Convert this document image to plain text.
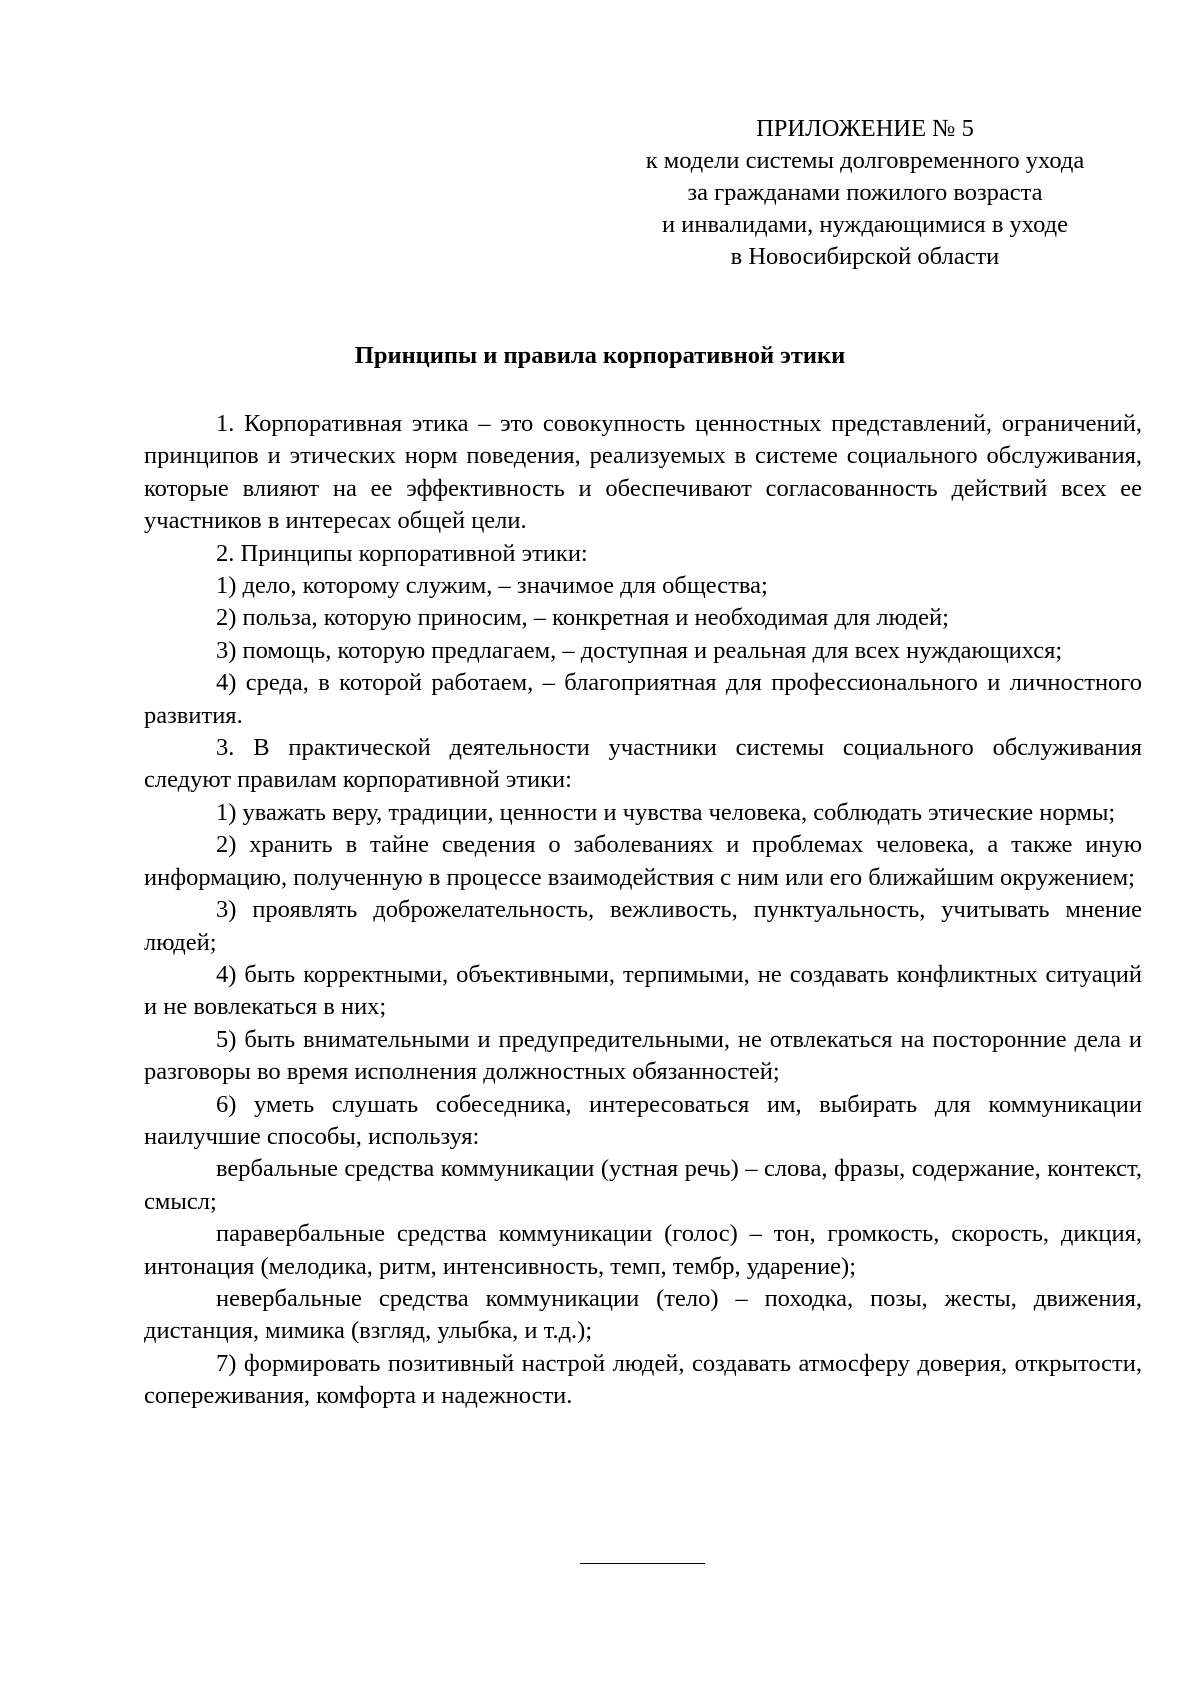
ПРИЛОЖЕНИЕ № 5
к модели системы долговременного ухода
за гражданами пожилого возраста
и инвалидами, нуждающимися в уходе
в Новосибирской области
Принципы и правила корпоративной этики

1. Корпоративная этика – это совокупность ценностных представлений, ограничений, принципов и этических норм поведения, реализуемых в системе социального обслуживания, которые влияют на ее эффективность и обеспечивают согласованность действий всех ее участников в интересах общей цели.

2. Принципы корпоративной этики:

1) дело, которому служим, – значимое для общества;

2) польза, которую приносим, – конкретная и необходимая для людей;

3) помощь, которую предлагаем, – доступная и реальная для всех нуждающихся;

4) среда, в которой работаем, – благоприятная для профессионального и личностного развития.

3. В практической деятельности участники системы социального обслуживания следуют правилам корпоративной этики:

1) уважать веру, традиции, ценности и чувства человека, соблюдать этические нормы;

2) хранить в тайне сведения о заболеваниях и проблемах человека, а также иную информацию, полученную в процессе взаимодействия с ним или его ближайшим окружением;

3) проявлять доброжелательность, вежливость, пунктуальность, учитывать мнение людей;

4) быть корректными, объективными, терпимыми, не создавать конфликтных ситуаций и не вовлекаться в них;

5) быть внимательными и предупредительными, не отвлекаться на посторонние дела и разговоры во время исполнения должностных обязанностей;

6) уметь слушать собеседника, интересоваться им, выбирать для коммуникации наилучшие способы, используя:

вербальные средства коммуникации (устная речь) – слова, фразы, содержание, контекст, смысл;

паравербальные средства коммуникации (голос) – тон, громкость, скорость, дикция, интонация (мелодика, ритм, интенсивность, темп, тембр, ударение);

невербальные средства коммуникации (тело) – походка, позы, жесты, движения, дистанция, мимика (взгляд, улыбка, и т.д.);

7) формировать позитивный настрой людей, создавать атмосферу доверия, открытости, сопереживания, комфорта и надежности.
